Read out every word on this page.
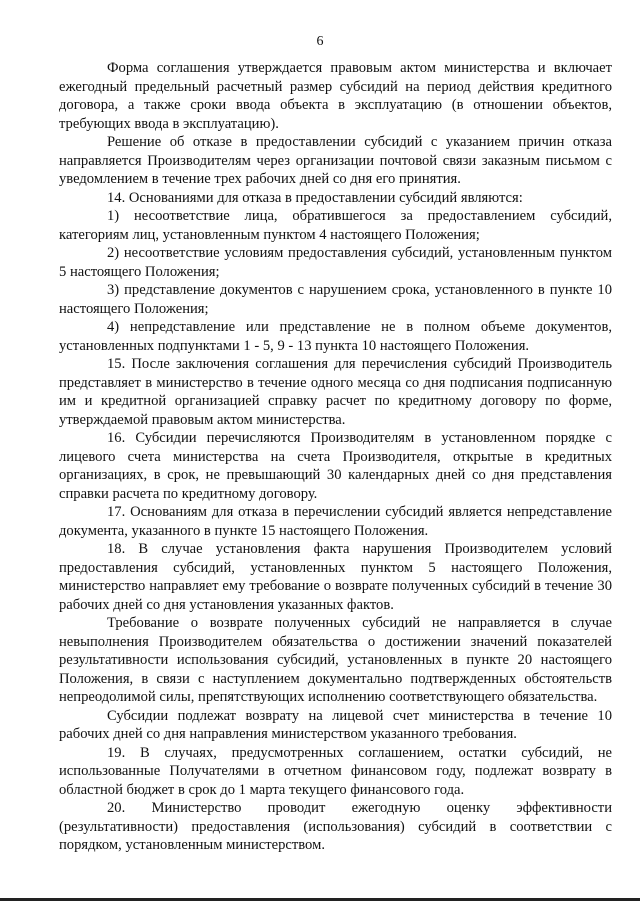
6

Форма соглашения утверждается правовым актом министерства и включает ежегодный предельный расчетный размер субсидий на период действия кредитного договора, а также сроки ввода объекта в эксплуатацию (в отношении объектов, требующих ввода в эксплуатацию).

Решение об отказе в предоставлении субсидий с указанием причин отказа направляется Производителям через организации почтовой связи заказным письмом с уведомлением в течение трех рабочих дней со дня его принятия.

14. Основаниями для отказа в предоставлении субсидий являются:

1) несоответствие лица, обратившегося за предоставлением субсидий, категориям лиц, установленным пунктом 4 настоящего Положения;

2) несоответствие условиям предоставления субсидий, установленным пунктом 5 настоящего Положения;

3) представление документов с нарушением срока, установленного в пункте 10 настоящего Положения;

4) непредставление или представление не в полном объеме документов, установленных подпунктами 1 - 5, 9 - 13 пункта 10 настоящего Положения.

15. После заключения соглашения для перечисления субсидий Производитель представляет в министерство в течение одного месяца со дня подписания подписанную им и кредитной организацией справку расчет по кредитному договору по форме, утверждаемой правовым актом министерства.

16. Субсидии перечисляются Производителям в установленном порядке с лицевого счета министерства на счета Производителя, открытые в кредитных организациях, в срок, не превышающий 30 календарных дней со дня представления справки расчета по кредитному договору.

17. Основаниям для отказа в перечислении субсидий является непредставление документа, указанного в пункте 15 настоящего Положения.

18. В случае установления факта нарушения Производителем условий предоставления субсидий, установленных пунктом 5 настоящего Положения, министерство направляет ему требование о возврате полученных субсидий в течение 30 рабочих дней со дня установления указанных фактов.

Требование о возврате полученных субсидий не направляется в случае невыполнения Производителем обязательства о достижении значений показателей результативности использования субсидий, установленных в пункте 20 настоящего Положения, в связи с наступлением документально подтвержденных обстоятельств непреодолимой силы, препятствующих исполнению соответствующего обязательства.

Субсидии подлежат возврату на лицевой счет министерства в течение 10 рабочих дней со дня направления министерством указанного требования.

19. В случаях, предусмотренных соглашением, остатки субсидий, не использованные Получателями в отчетном финансовом году, подлежат возврату в областной бюджет в срок до 1 марта текущего финансового года.

20. Министерство проводит ежегодную оценку эффективности (результативности) предоставления (использования) субсидий в соответствии с порядком, установленным министерством.
